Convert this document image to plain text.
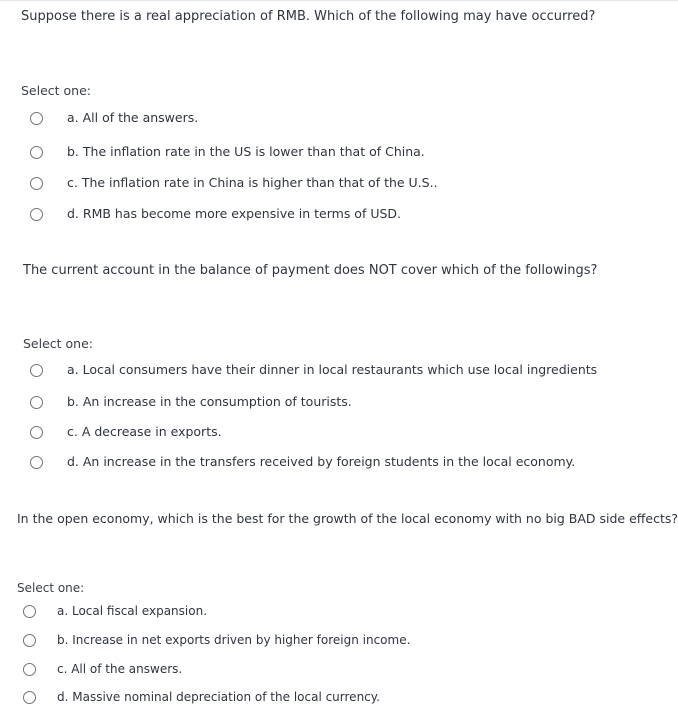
Suppose there is a real appreciation of RMB. Which of the following may have occurred?
Select one:
a. All of the answers.
b. The inflation rate in the US is lower than that of China.
c. The inflation rate in China is higher than that of the U.S..
d. RMB has become more expensive in terms of USD.
The current account in the balance of payment does NOT cover which of the followings?
Select one:
a. Local consumers have their dinner in local restaurants which use local ingredients
b. An increase in the consumption of tourists.
c. A decrease in exports.
d. An increase in the transfers received by foreign students in the local economy.
In the open economy, which is the best for the growth of the local economy with no big BAD side effects?
Select one:
a. Local fiscal expansion.
b. Increase in net exports driven by higher foreign income.
c. All of the answers.
d. Massive nominal depreciation of the local currency.
